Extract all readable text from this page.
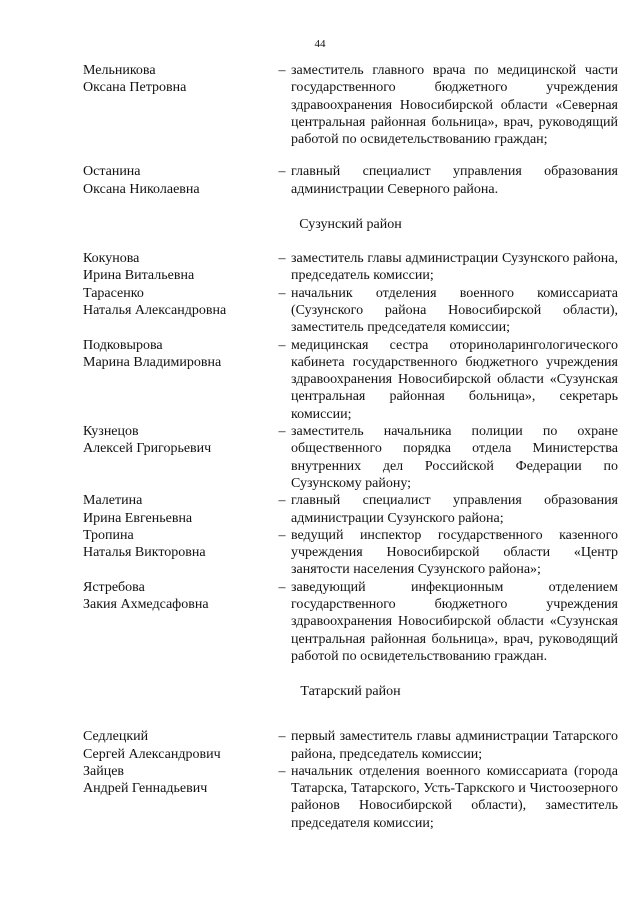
44
Мельникова
Оксана Петровна
– заместитель главного врача по медицинской части государственного бюджетного учреждения здравоохранения Новосибирской области «Северная центральная районная больница», врач, руководящий работой по освидетельствованию граждан;
Останина
Оксана Николаевна
– главный специалист управления образования администрации Северного района.
Сузунский район
Кокунова
Ирина Витальевна
– заместитель главы администрации Сузунского района, председатель комиссии;
Тарасенко
Наталья Александровна
– начальник отделения военного комиссариата (Сузунского района Новосибирской области), заместитель председателя комиссии;
Подковырова
Марина Владимировна
– медицинская сестра оториноларингологического кабинета государственного бюджетного учреждения здравоохранения Новосибирской области «Сузунская центральная районная больница», секретарь комиссии;
Кузнецов
Алексей Григорьевич
– заместитель начальника полиции по охране общественного порядка отдела Министерства внутренних дел Российской Федерации по Сузунскому району;
Малетина
Ирина Евгеньевна
– главный специалист управления образования администрации Сузунского района;
Тропина
Наталья Викторовна
– ведущий инспектор государственного казенного учреждения Новосибирской области «Центр занятости населения Сузунского района»;
Ястребова
Закия Ахмедсафовна
– заведующий инфекционным отделением государственного бюджетного учреждения здравоохранения Новосибирской области «Сузунская центральная районная больница», врач, руководящий работой по освидетельствованию граждан.
Татарский район
Седлецкий
Сергей Александрович
– первый заместитель главы администрации Татарского района, председатель комиссии;
Зайцев
Андрей Геннадьевич
– начальник отделения военного комиссариата (города Татарска, Татарского, Усть-Таркского и Чистоозерного районов Новосибирской области), заместитель председателя комиссии;
